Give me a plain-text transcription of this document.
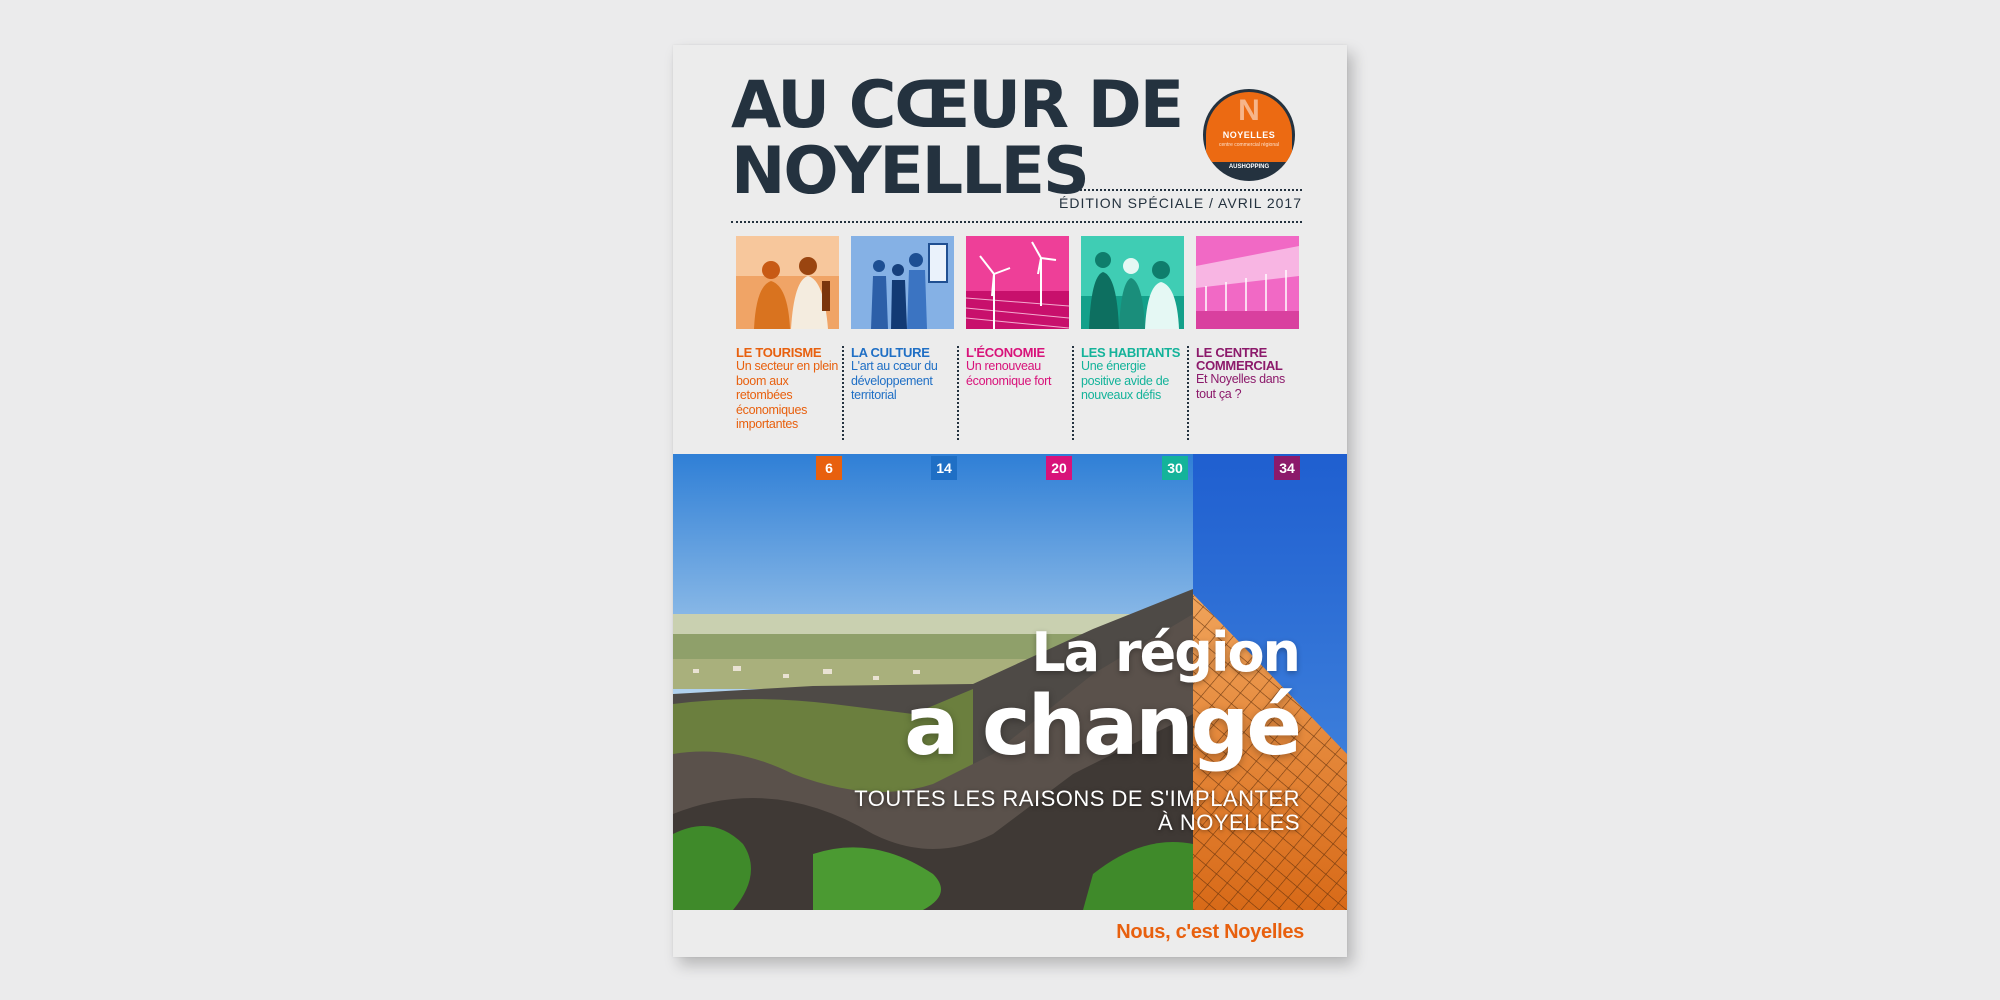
AU CŒUR DE
NOYELLES
N
NOYELLES
centre commercial régional
AUSHOPPING

ÉDITION SPÉCIALE / AVRIL 2017

LE TOURISME
Un secteur en plein boom aux retombées économiques importantes
LA CULTURE
L'art au cœur du développement territorial
L'ÉCONOMIE
Un renouveau économique fort
LES HABITANTS
Une énergie positive avide de nouveaux défis
LE CENTRE COMMERCIAL
Et Noyelles dans tout ça ?
6	14	20	30	34

La région

a changé

TOUTES LES RAISONS DE S'IMPLANTER
À NOYELLES

Nous, c'est Noyelles
